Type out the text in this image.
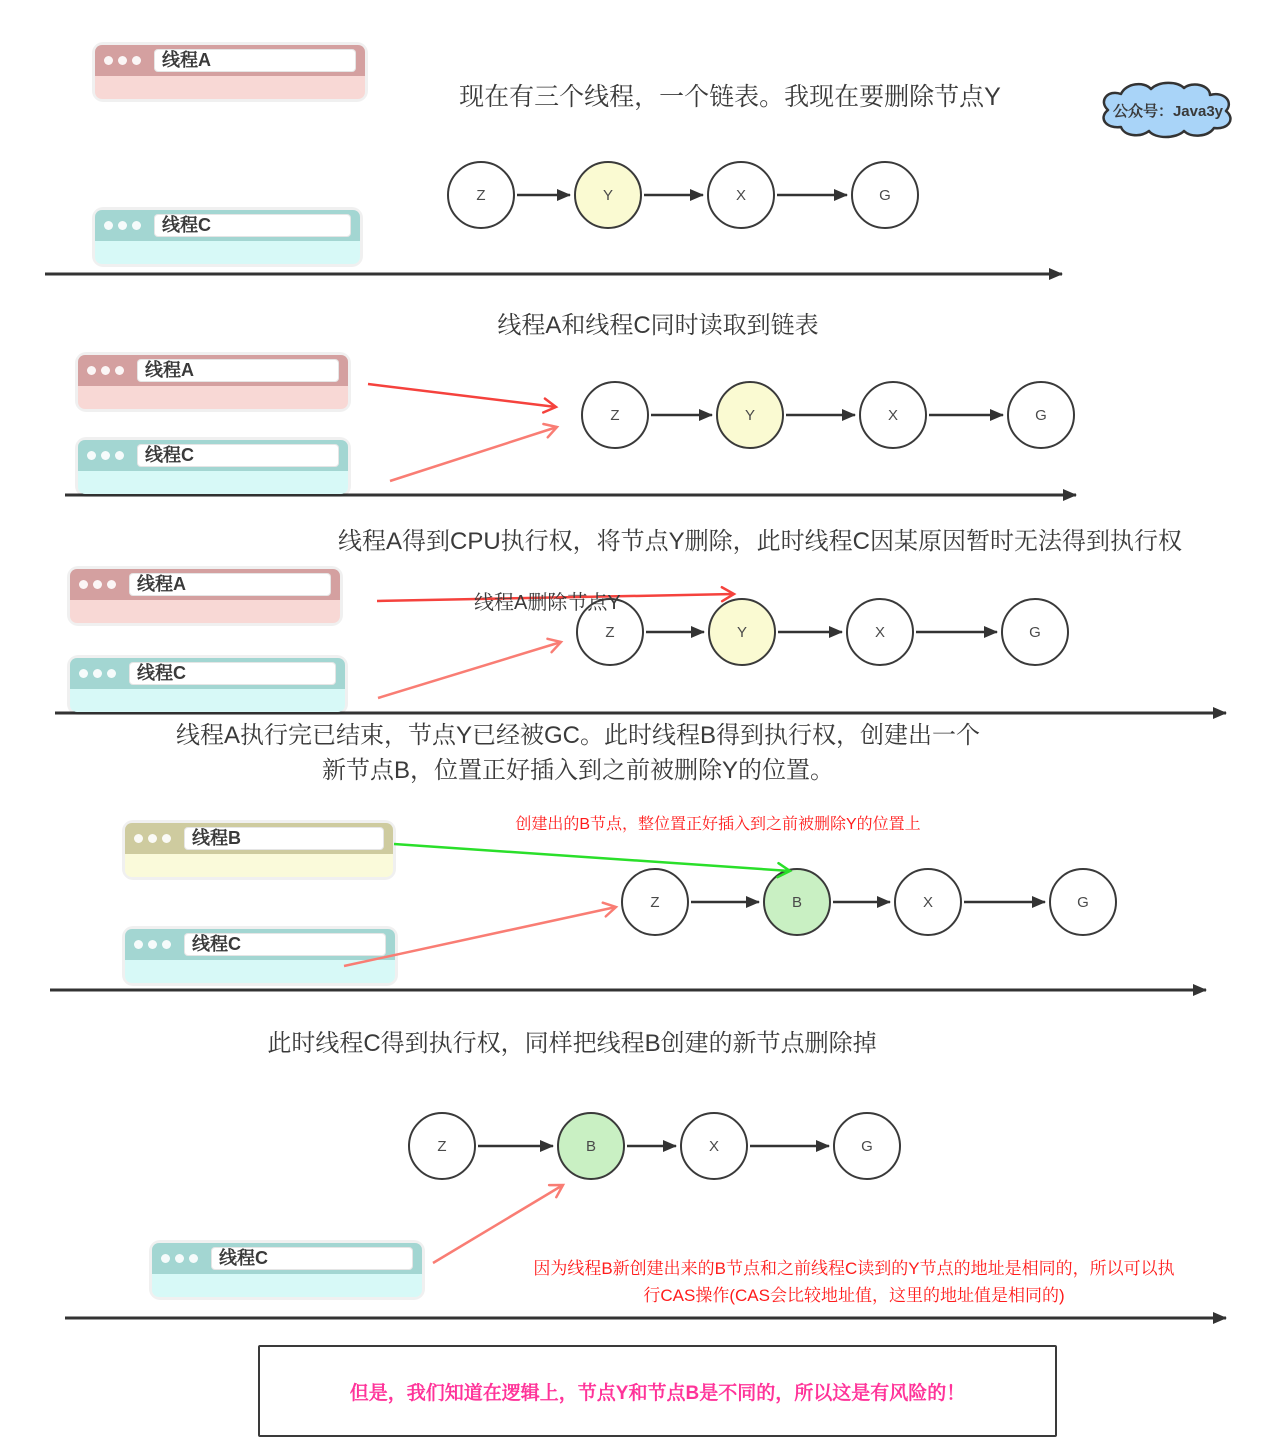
现在有三个线程，一个链表。我现在要删除节点Y
公众号：Java3y
线程A
Z	Y	X	G
线程C
线程A和线程C同时读取到链表
线程A
线程C
Z	Y	X	G
线程A得到CPU执行权，将节点Y删除，此时线程C因某原因暂时无法得到执行权
线程A
线程A删除节点Y
线程C
Z	Y	X	G
线程A执行完已结束，节点Y已经被GC。此时线程B得到执行权，创建出一个
新节点B，位置正好插入到之前被删除Y的位置。
创建出的B节点，整位置正好插入到之前被删除Y的位置上
线程B
线程C
Z	B	X	G
此时线程C得到执行权，同样把线程B创建的新节点删除掉
Z	B	X	G
线程C
因为线程B新创建出来的B节点和之前线程C读到的Y节点的地址是相同的，所以可以执
行CAS操作(CAS会比较地址值，这里的地址值是相同的)
但是，我们知道在逻辑上，节点Y和节点B是不同的，所以这是有风险的！
